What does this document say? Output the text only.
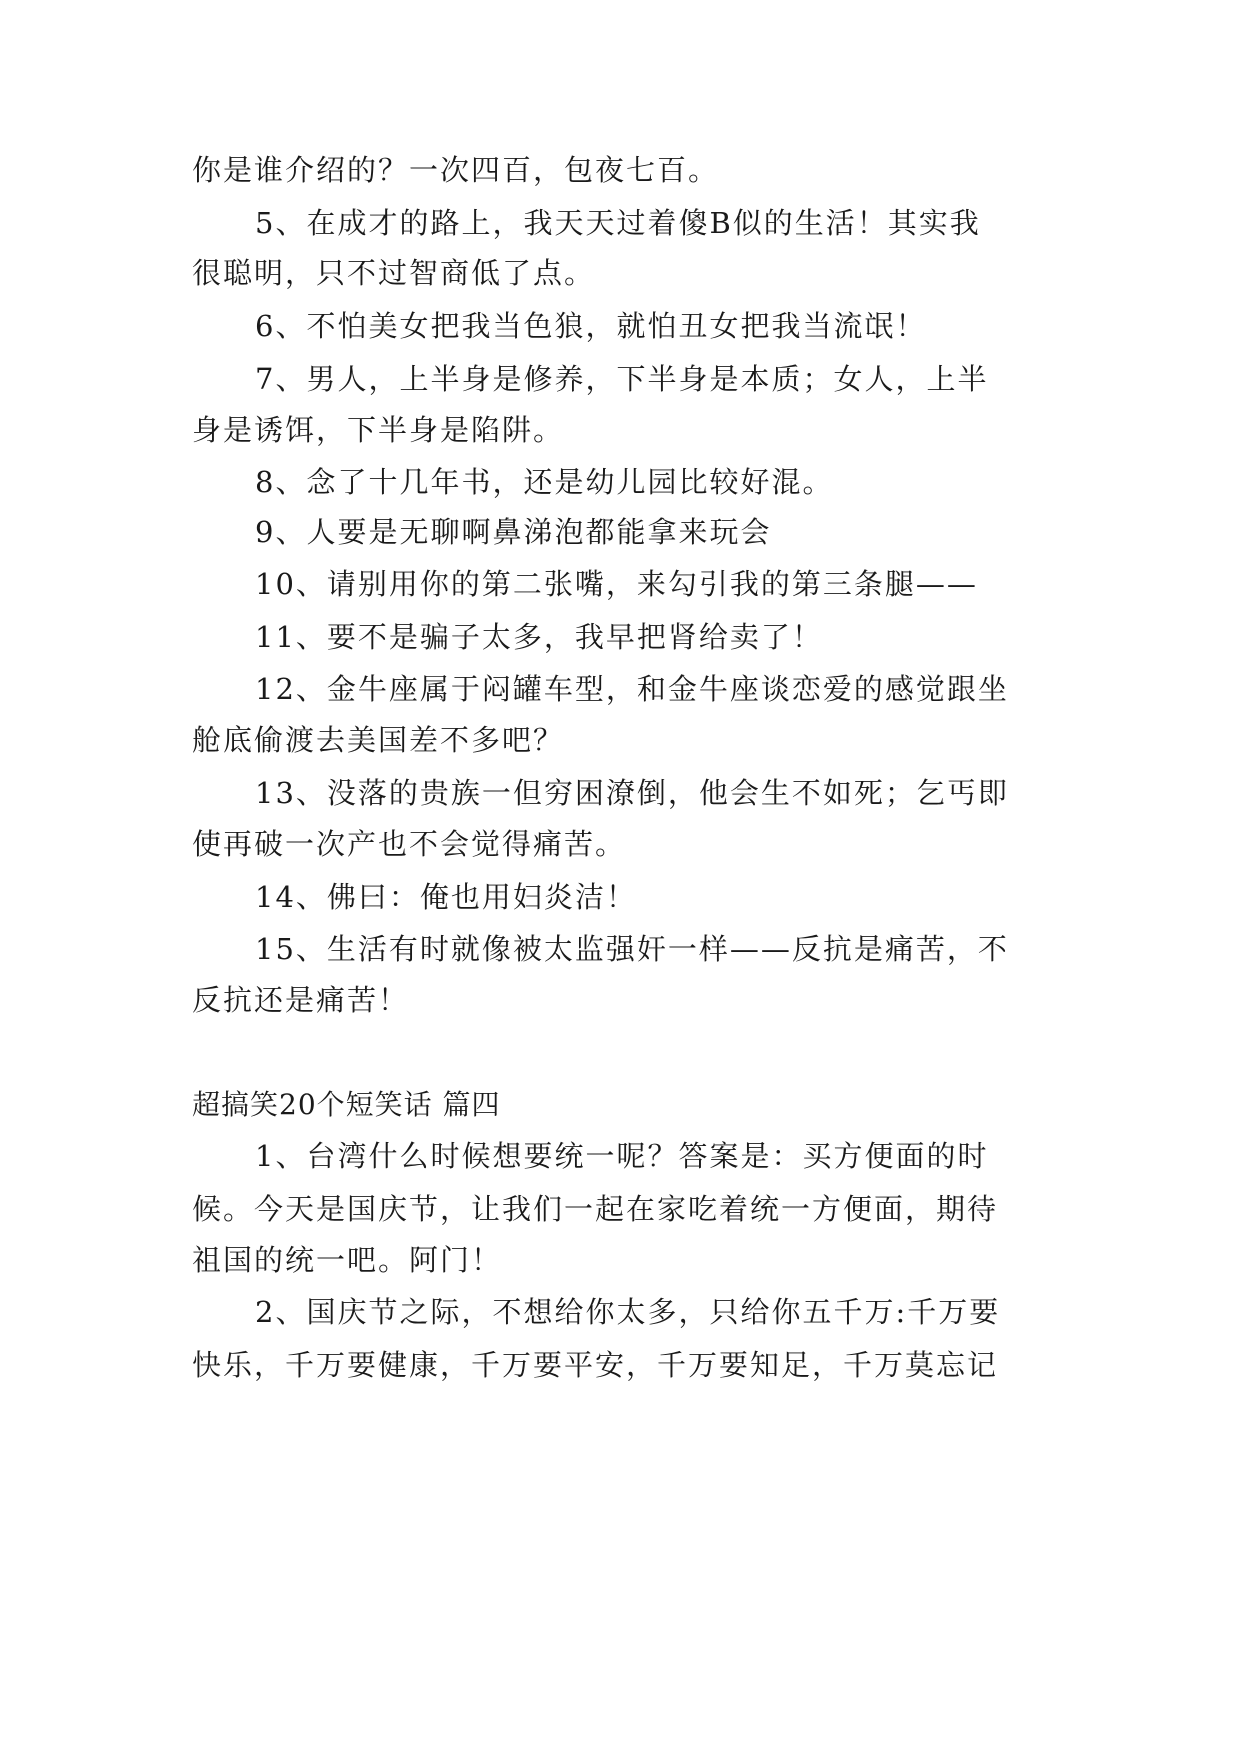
你是谁介绍的？一次四百，包夜七百。
5、在成才的路上，我天天过着傻B似的生活！其实我
很聪明，只不过智商低了点。
6、不怕美女把我当色狼，就怕丑女把我当流氓！
7、男人，上半身是修养，下半身是本质；女人，上半
身是诱饵，下半身是陷阱。
8、念了十几年书，还是幼儿园比较好混。
9、人要是无聊啊鼻涕泡都能拿来玩会
10、请别用你的第二张嘴，来勾引我的第三条腿——
11、要不是骗子太多，我早把肾给卖了！
12、金牛座属于闷罐车型，和金牛座谈恋爱的感觉跟坐
舱底偷渡去美国差不多吧？
13、没落的贵族一但穷困潦倒，他会生不如死；乞丐即
使再破一次产也不会觉得痛苦。
14、佛曰：俺也用妇炎洁！
15、生活有时就像被太监强奸一样——反抗是痛苦，不
反抗还是痛苦！
超搞笑20个短笑话 篇四
1、台湾什么时候想要统一呢？答案是：买方便面的时
候。今天是国庆节，让我们一起在家吃着统一方便面，期待
祖国的统一吧。阿门！
2、国庆节之际，不想给你太多，只给你五千万:千万要
快乐，千万要健康，千万要平安，千万要知足，千万莫忘记
